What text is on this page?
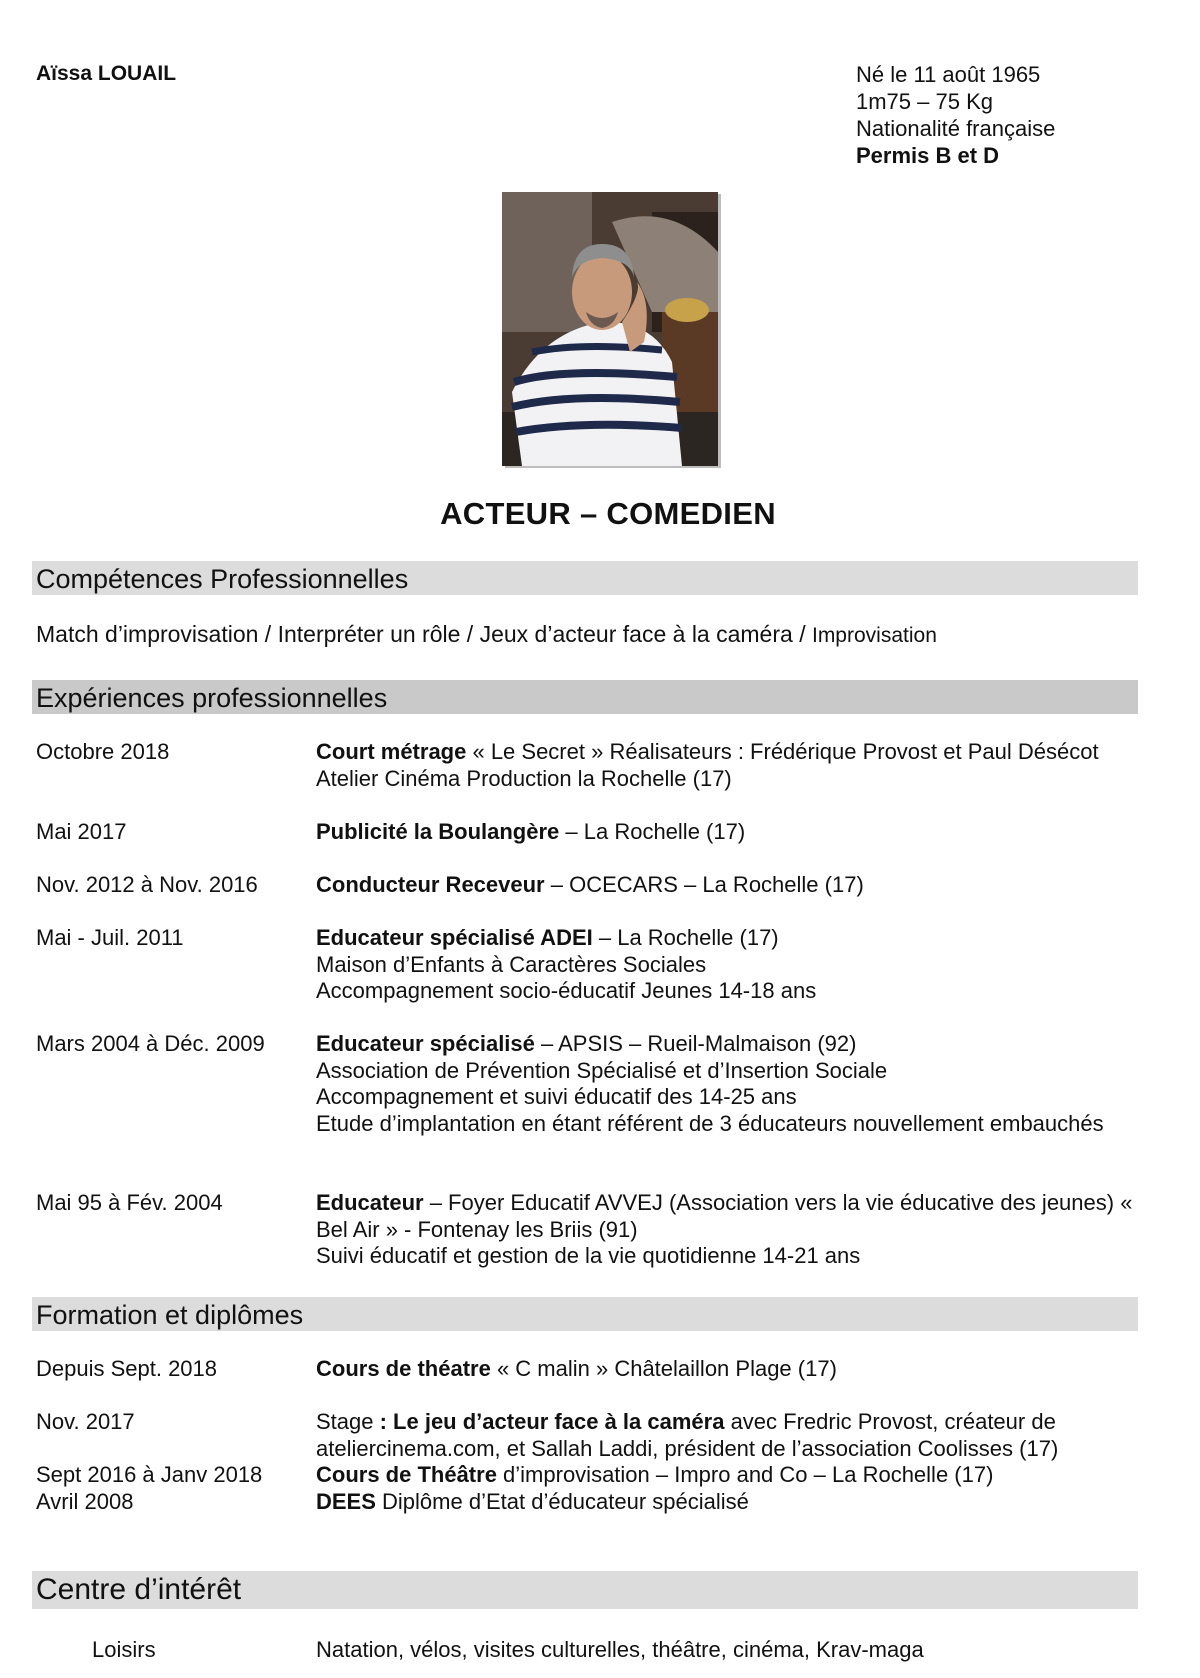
Aïssa LOUAIL	Né le 11 août 1965
1m75 – 75 Kg
Nationalité française
Permis B et D
ACTEUR – COMEDIEN
Compétences Professionnelles
Match d’improvisation / Interpréter un rôle / Jeux d’acteur face à la caméra / Improvisation
Expériences professionnelles
Octobre 2018	Court métrage « Le Secret » Réalisateurs : Frédérique Provost et Paul Désécot
Atelier Cinéma Production la Rochelle (17)
Mai 2017	Publicité la Boulangère – La Rochelle (17)
Nov. 2012 à Nov. 2016	Conducteur Receveur – OCECARS – La Rochelle (17)
Mai - Juil. 2011	Educateur spécialisé ADEI – La Rochelle (17)
Maison d’Enfants à Caractères Sociales
Accompagnement socio-éducatif Jeunes 14-18 ans
Mars 2004 à Déc. 2009 Educateur spécialisé – APSIS – Rueil-Malmaison (92)
Association de Prévention Spécialisé et d’Insertion Sociale
Accompagnement et suivi éducatif des 14-25 ans
Etude d’implantation en étant référent de 3 éducateurs nouvellement embauchés
Mai 95 à Fév. 2004	Educateur – Foyer Educatif AVVEJ (Association vers la vie éducative des jeunes) « Bel Air » - Fontenay les Briis (91)
Suivi éducatif et gestion de la vie quotidienne 14-21 ans
Formation et diplômes
Depuis Sept. 2018	Cours de théatre « C malin » Châtelaillon Plage (17)
Nov. 2017	Stage : Le jeu d’acteur face à la caméra avec Fredric Provost, créateur de ateliercinema.com, et Sallah Laddi, président de l’association Coolisses (17)
Sept 2016 à Janv 2018 Cours de Théâtre d’improvisation – Impro and Co – La Rochelle (17)
Avril 2008	DEES Diplôme d’Etat d’éducateur spécialisé
Centre d’intérêt
Loisirs	Natation, vélos, visites culturelles, théâtre, cinéma, Krav-maga
